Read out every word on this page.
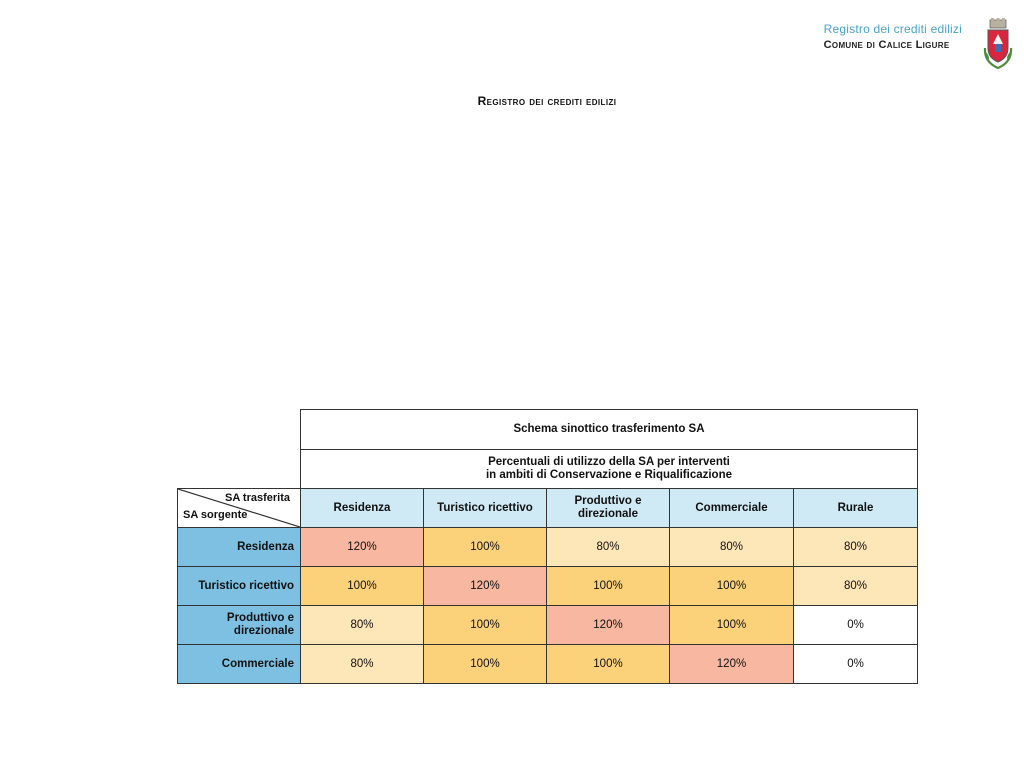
Registro dei crediti edilizi
Comune di Calice Ligure
Registro dei crediti edilizi
	Schema sinottico trasferimento SA				
	Percentuali di utilizzo della SA per interventi
in ambiti di Conservazione e Riqualificazione				

SA trasferita
SA sorgente	Residenza	Turistico ricettivo	Produttivo e direzionale	Commerciale	Rurale
Residenza	120%	100%	80%	80%	80%
Turistico ricettivo	100%	120%	100%	100%	80%
Produttivo e direzionale	80%	100%	120%	100%	0%
Commerciale	80%	100%	100%	120%	0%
